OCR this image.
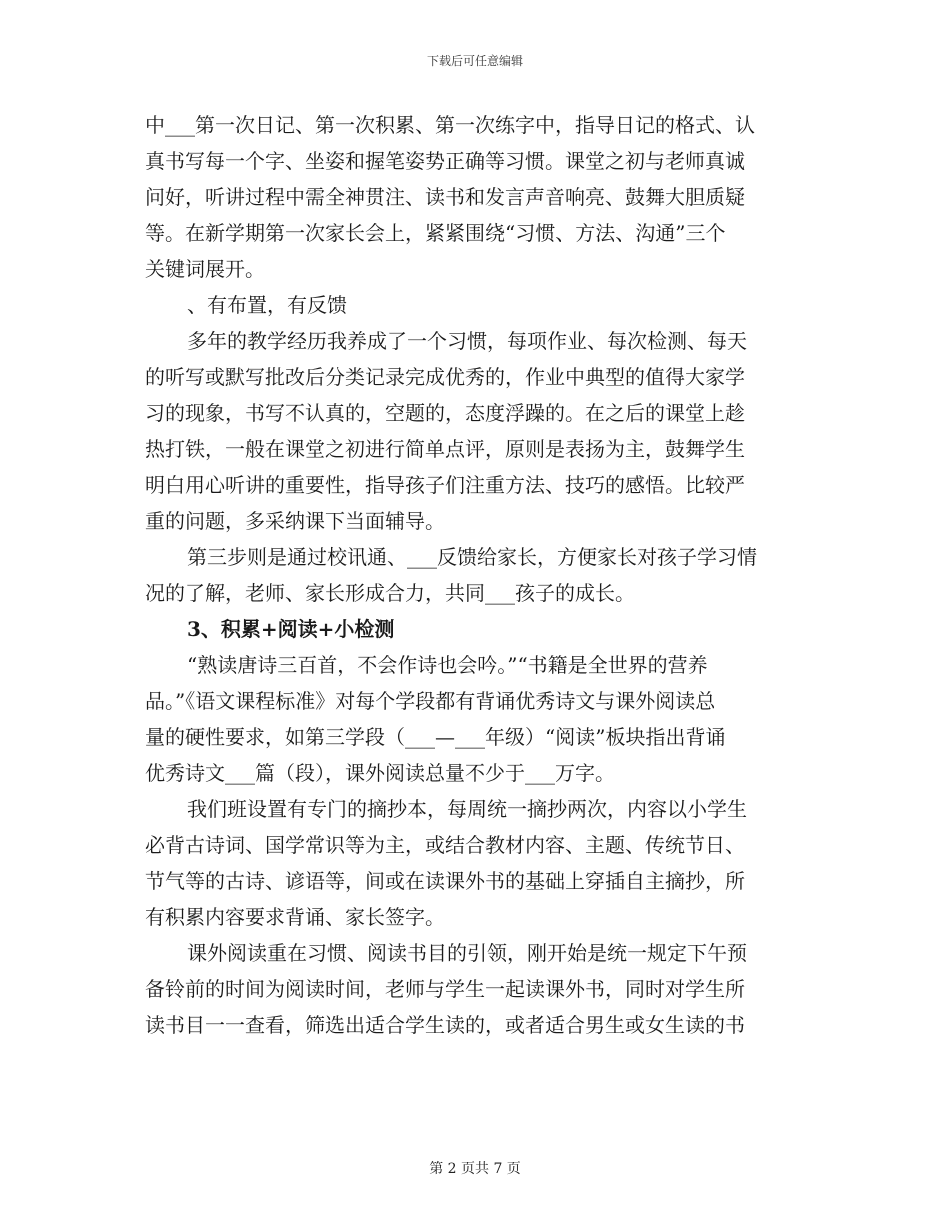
下载后可任意编辑
中___第一次日记、第一次积累、第一次练字中，指导日记的格式、认
真书写每一个字、坐姿和握笔姿势正确等习惯。课堂之初与老师真诚
问好，听讲过程中需全神贯注、读书和发言声音响亮、鼓舞大胆质疑
等。在新学期第一次家长会上，紧紧围绕“习惯、方法、沟通”三个
关键词展开。
、有布置，有反馈
多年的教学经历我养成了一个习惯，每项作业、每次检测、每天
的听写或默写批改后分类记录完成优秀的，作业中典型的值得大家学
习的现象，书写不认真的，空题的，态度浮躁的。在之后的课堂上趁
热打铁，一般在课堂之初进行简单点评，原则是表扬为主，鼓舞学生
明白用心听讲的重要性，指导孩子们注重方法、技巧的感悟。比较严
重的问题，多采纳课下当面辅导。
第三步则是通过校讯通、___反馈给家长，方便家长对孩子学习情
况的了解，老师、家长形成合力，共同___孩子的成长。
3、积累+阅读+小检测
“熟读唐诗三百首，不会作诗也会吟。”“书籍是全世界的营养
品。”《语文课程标准》对每个学段都有背诵优秀诗文与课外阅读总
量的硬性要求，如第三学段（___—___年级）“阅读”板块指出背诵
优秀诗文___篇（段），课外阅读总量不少于___万字。
我们班设置有专门的摘抄本，每周统一摘抄两次，内容以小学生
必背古诗词、国学常识等为主，或结合教材内容、主题、传统节日、
节气等的古诗、谚语等，间或在读课外书的基础上穿插自主摘抄，所
有积累内容要求背诵、家长签字。
课外阅读重在习惯、阅读书目的引领，刚开始是统一规定下午预
备铃前的时间为阅读时间，老师与学生一起读课外书，同时对学生所
读书目一一查看，筛选出适合学生读的，或者适合男生或女生读的书
第 2 页共 7 页
